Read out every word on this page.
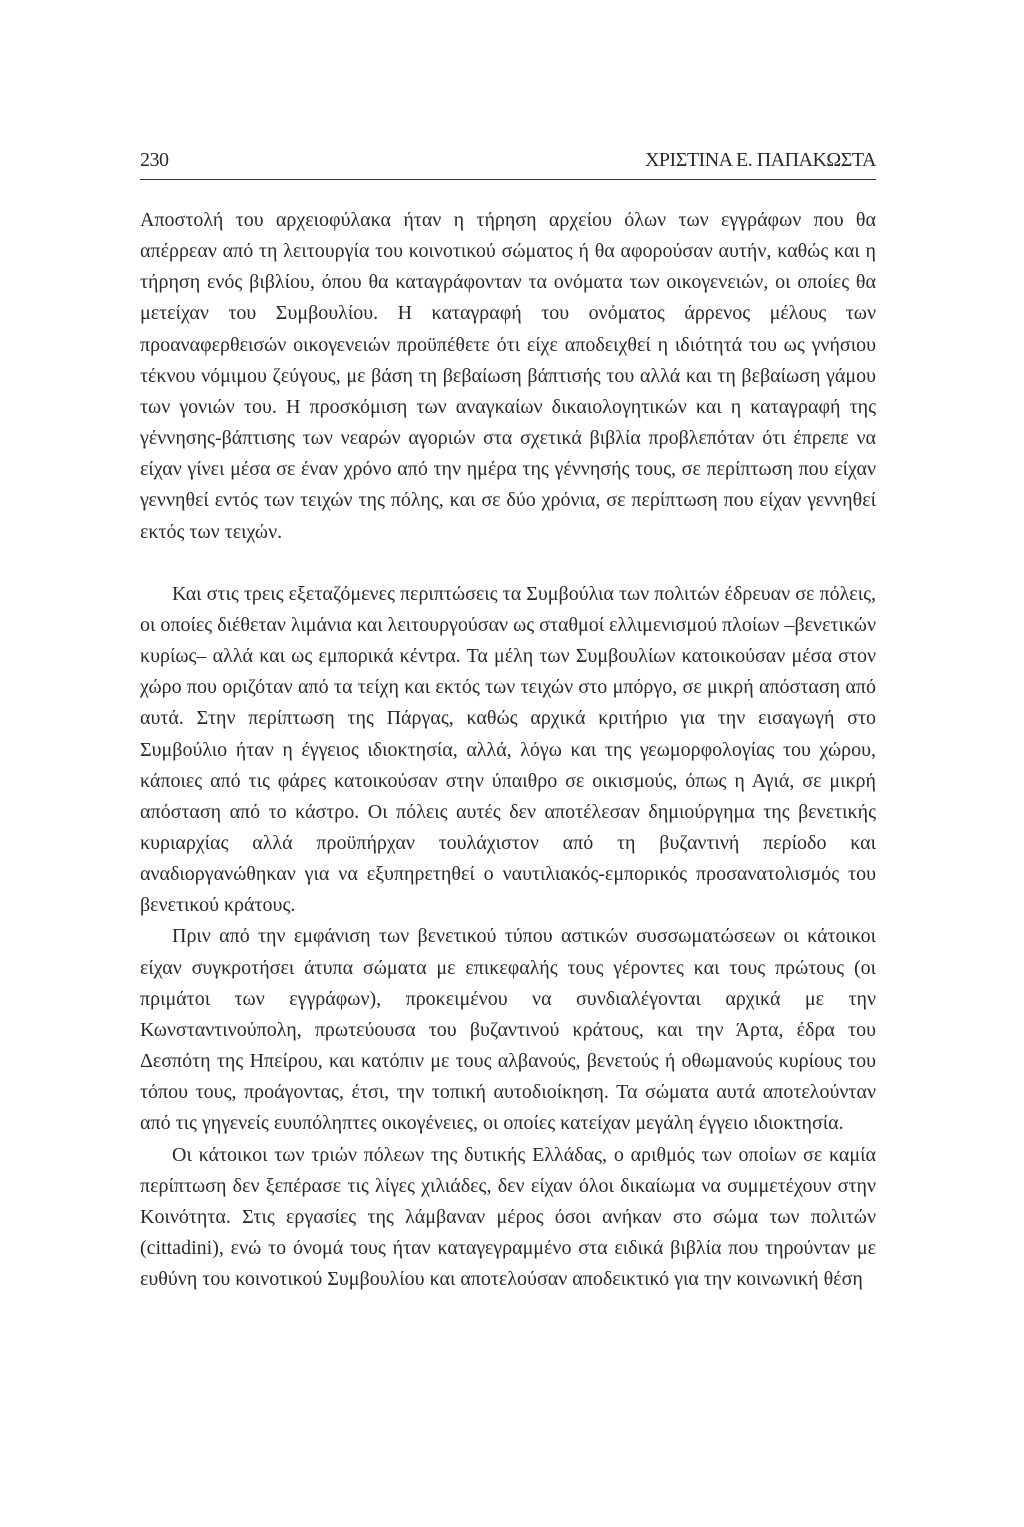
230	ΧΡΙΣΤΙΝΑ Ε. ΠΑΠΑΚΩΣΤΑ

Αποστολή του αρχειοφύλακα ήταν η τήρηση αρχείου όλων των εγγράφων που θα απέρρεαν από τη λειτουργία του κοινοτικού σώματος ή θα αφορούσαν αυτήν, καθώς και η τήρηση ενός βιβλίου, όπου θα καταγράφονταν τα ονόματα των οικογενειών, οι οποίες θα μετείχαν του Συμβουλίου. Η καταγραφή του ονόματος άρρενος μέλους των προαναφερθεισών οικογενειών προϋπέθετε ότι είχε αποδειχθεί η ιδιότητά του ως γνήσιου τέκνου νόμιμου ζεύγους, με βάση τη βεβαίωση βάπτισής του αλλά και τη βεβαίωση γάμου των γονιών του. Η προσκόμιση των αναγκαίων δικαιολογητικών και η καταγραφή της γέννησης-βάπτισης των νεαρών αγοριών στα σχετικά βιβλία προβλεπόταν ότι έπρεπε να είχαν γίνει μέσα σε έναν χρόνο από την ημέρα της γέννησής τους, σε περίπτωση που είχαν γεννηθεί εντός των τειχών της πόλης, και σε δύο χρόνια, σε περίπτωση που είχαν γεννηθεί εκτός των τειχών.

Και στις τρεις εξεταζόμενες περιπτώσεις τα Συμβούλια των πολιτών έδρευαν σε πόλεις, οι οποίες διέθεταν λιμάνια και λειτουργούσαν ως σταθμοί ελλιμενισμού πλοίων –βενετικών κυρίως– αλλά και ως εμπορικά κέντρα. Τα μέλη των Συμβουλίων κατοικούσαν μέσα στον χώρο που οριζόταν από τα τείχη και εκτός των τειχών στο μπόργο, σε μικρή απόσταση από αυτά. Στην περίπτωση της Πάργας, καθώς αρχικά κριτήριο για την εισαγωγή στο Συμβούλιο ήταν η έγγειος ιδιοκτησία, αλλά, λόγω και της γεωμορφολογίας του χώρου, κάποιες από τις φάρες κατοικούσαν στην ύπαιθρο σε οικισμούς, όπως η Αγιά, σε μικρή απόσταση από το κάστρο. Οι πόλεις αυτές δεν αποτέλεσαν δημιούργημα της βενετικής κυριαρχίας αλλά προϋπήρχαν τουλάχιστον από τη βυζαντινή περίοδο και αναδιοργανώθηκαν για να εξυπηρετηθεί ο ναυτιλιακός-εμπορικός προσανατολισμός του βενετικού κράτους.

Πριν από την εμφάνιση των βενετικού τύπου αστικών συσσωματώσεων οι κάτοικοι είχαν συγκροτήσει άτυπα σώματα με επικεφαλής τους γέροντες και τους πρώτους (οι πριμάτοι των εγγράφων), προκειμένου να συνδιαλέγονται αρχικά με την Κωνσταντινούπολη, πρωτεύουσα του βυζαντινού κράτους, και την Άρτα, έδρα του Δεσπότη της Ηπείρου, και κατόπιν με τους αλβανούς, βενετούς ή οθωμανούς κυρίους του τόπου τους, προάγοντας, έτσι, την τοπική αυτοδιοίκηση. Τα σώματα αυτά αποτελούνταν από τις γηγενείς ευυπόληπτες οικογένειες, οι οποίες κατείχαν μεγάλη έγγειο ιδιοκτησία.

Οι κάτοικοι των τριών πόλεων της δυτικής Ελλάδας, ο αριθμός των οποίων σε καμία περίπτωση δεν ξεπέρασε τις λίγες χιλιάδες, δεν είχαν όλοι δικαίωμα να συμμετέχουν στην Κοινότητα. Στις εργασίες της λάμβαναν μέρος όσοι ανήκαν στο σώμα των πολιτών (cittadini), ενώ το όνομά τους ήταν καταγεγραμμένο στα ειδικά βιβλία που τηρούνταν με ευθύνη του κοινοτικού Συμβουλίου και αποτελούσαν αποδεικτικό για την κοινωνική θέση
